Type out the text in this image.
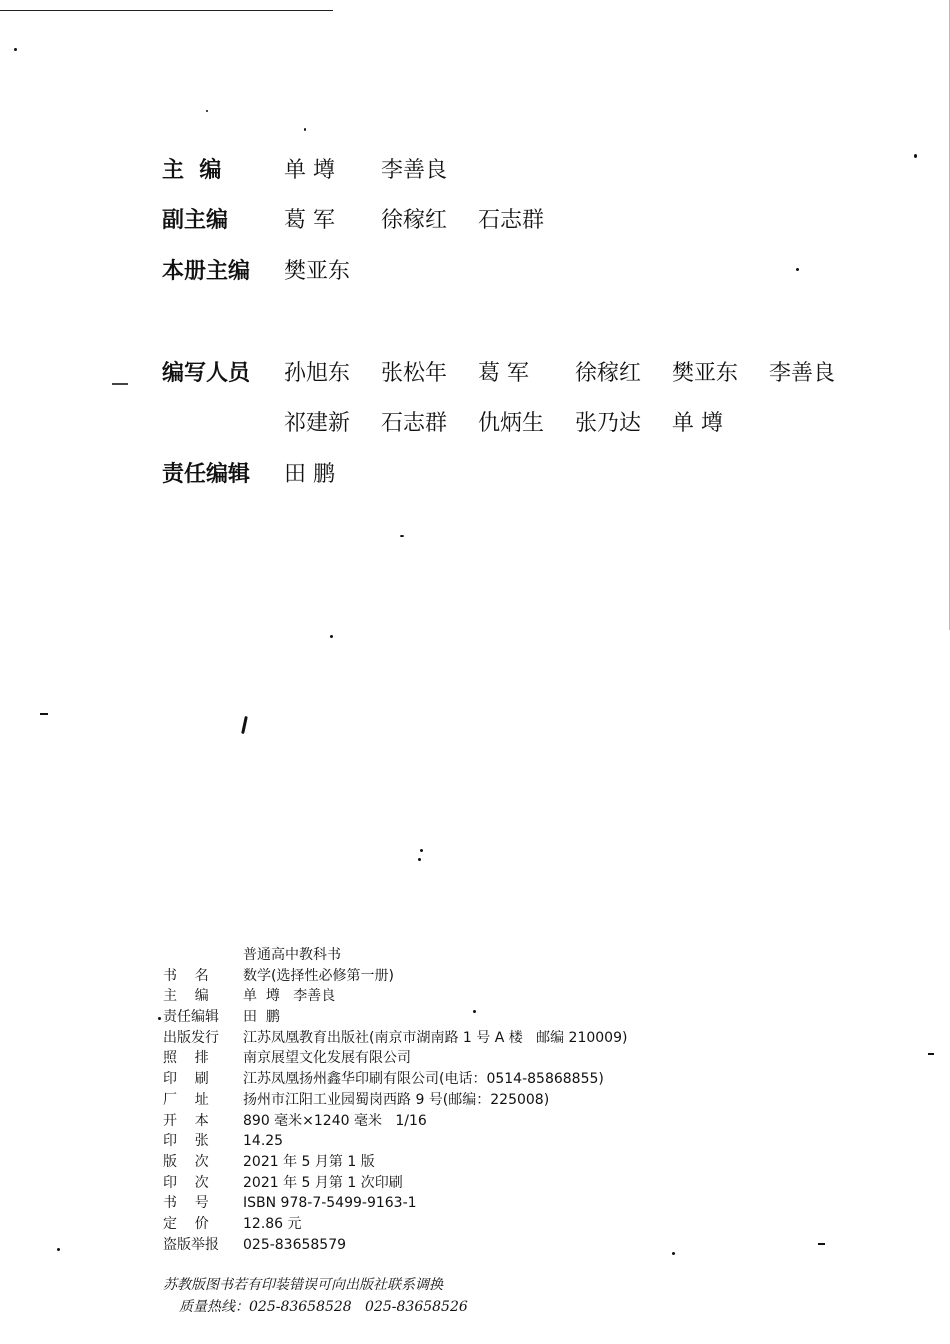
主  编	单 墫	李善良
副主编	葛 军	徐稼红	石志群
本册主编	樊亚东
编写人员	孙旭东	张松年	葛 军	徐稼红	樊亚东	李善良
祁建新	石志群	仇炳生	张乃达	单 墫
责任编辑	田 鹏
普通高中教科书
书    名	数学(选择性必修第一册)
主    编	单  墫   李善良
责任编辑	田  鹏
出版发行	江苏凤凰教育出版社(南京市湖南路 1 号 A 楼   邮编 210009)
照    排	南京展望文化发展有限公司
印    刷	江苏凤凰扬州鑫华印刷有限公司(电话：0514-85868855)
厂    址	扬州市江阳工业园蜀岗西路 9 号(邮编：225008)
开    本	890 毫米×1240 毫米   1/16
印    张	14.25
版    次	2021 年 5 月第 1 版
印    次	2021 年 5 月第 1 次印刷
书    号	ISBN 978-7-5499-9163-1
定    价	12.86 元
盗版举报	025-83658579
苏教版图书若有印装错误可向出版社联系调换
质量热线：025-83658528   025-83658526
